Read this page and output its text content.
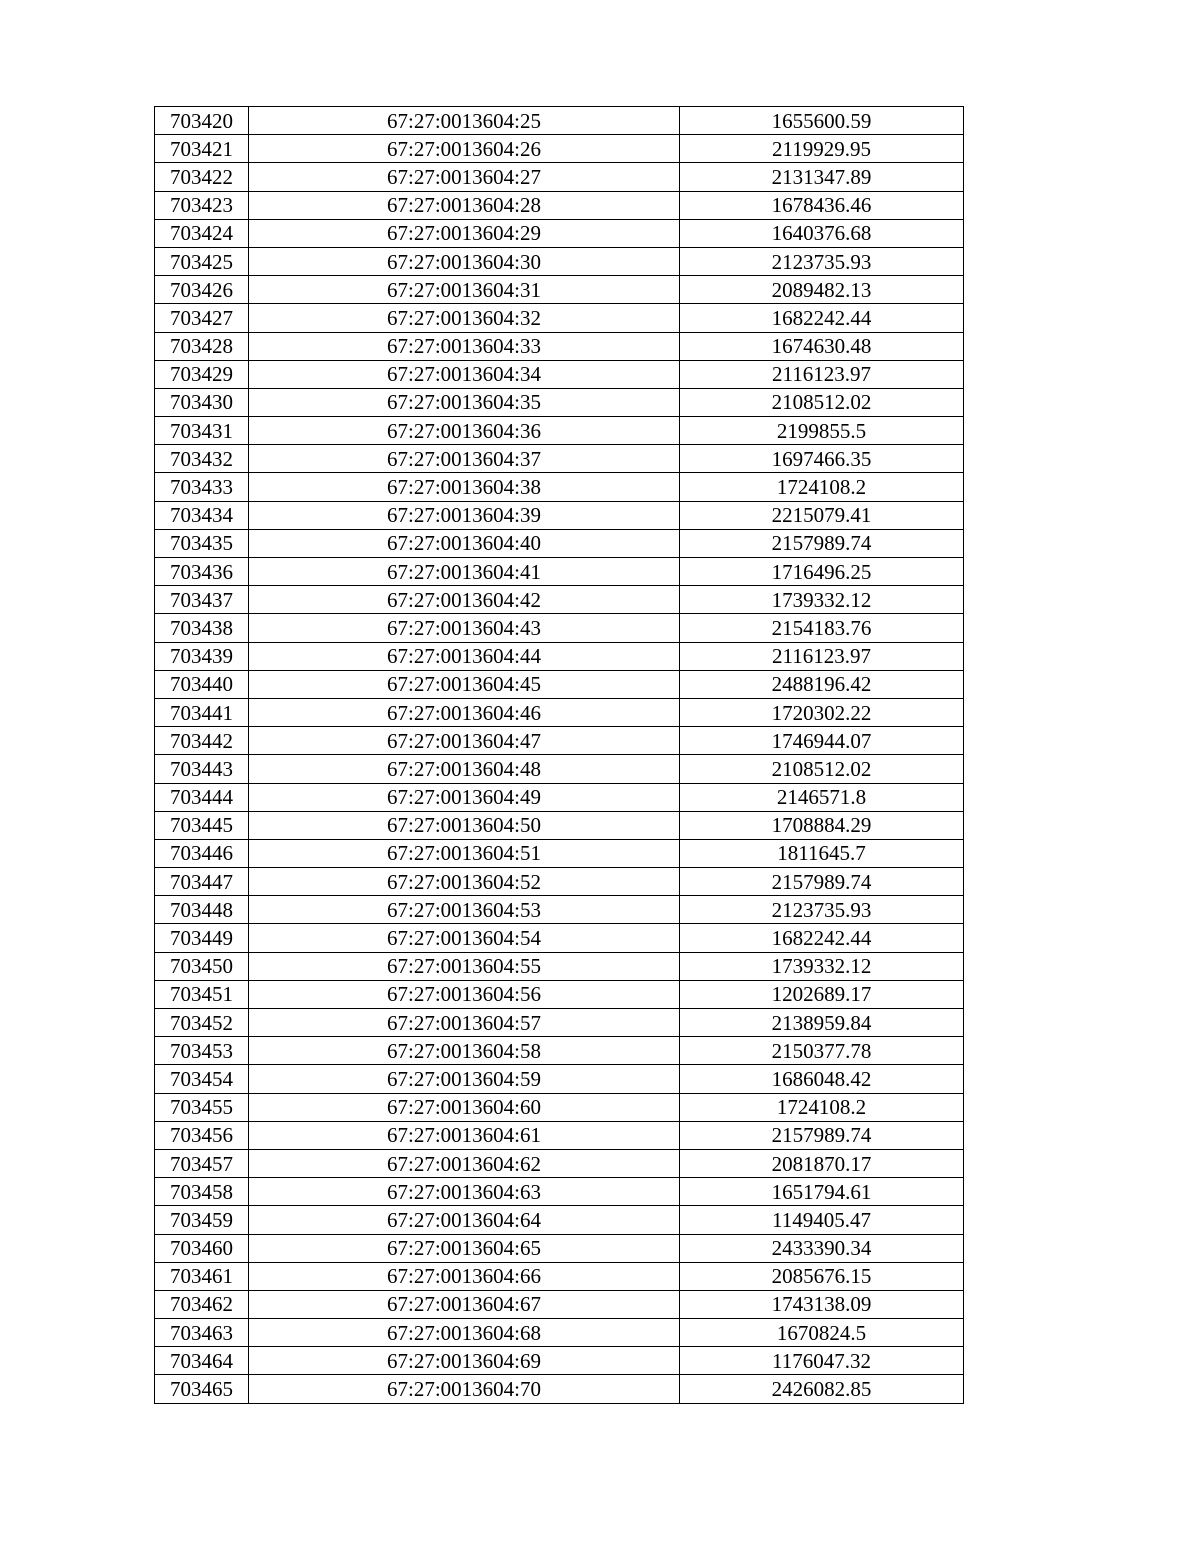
703420	67:27:0013604:25	1655600.59
703421	67:27:0013604:26	2119929.95
703422	67:27:0013604:27	2131347.89
703423	67:27:0013604:28	1678436.46
703424	67:27:0013604:29	1640376.68
703425	67:27:0013604:30	2123735.93
703426	67:27:0013604:31	2089482.13
703427	67:27:0013604:32	1682242.44
703428	67:27:0013604:33	1674630.48
703429	67:27:0013604:34	2116123.97
703430	67:27:0013604:35	2108512.02
703431	67:27:0013604:36	2199855.5
703432	67:27:0013604:37	1697466.35
703433	67:27:0013604:38	1724108.2
703434	67:27:0013604:39	2215079.41
703435	67:27:0013604:40	2157989.74
703436	67:27:0013604:41	1716496.25
703437	67:27:0013604:42	1739332.12
703438	67:27:0013604:43	2154183.76
703439	67:27:0013604:44	2116123.97
703440	67:27:0013604:45	2488196.42
703441	67:27:0013604:46	1720302.22
703442	67:27:0013604:47	1746944.07
703443	67:27:0013604:48	2108512.02
703444	67:27:0013604:49	2146571.8
703445	67:27:0013604:50	1708884.29
703446	67:27:0013604:51	1811645.7
703447	67:27:0013604:52	2157989.74
703448	67:27:0013604:53	2123735.93
703449	67:27:0013604:54	1682242.44
703450	67:27:0013604:55	1739332.12
703451	67:27:0013604:56	1202689.17
703452	67:27:0013604:57	2138959.84
703453	67:27:0013604:58	2150377.78
703454	67:27:0013604:59	1686048.42
703455	67:27:0013604:60	1724108.2
703456	67:27:0013604:61	2157989.74
703457	67:27:0013604:62	2081870.17
703458	67:27:0013604:63	1651794.61
703459	67:27:0013604:64	1149405.47
703460	67:27:0013604:65	2433390.34
703461	67:27:0013604:66	2085676.15
703462	67:27:0013604:67	1743138.09
703463	67:27:0013604:68	1670824.5
703464	67:27:0013604:69	1176047.32
703465	67:27:0013604:70	2426082.85
